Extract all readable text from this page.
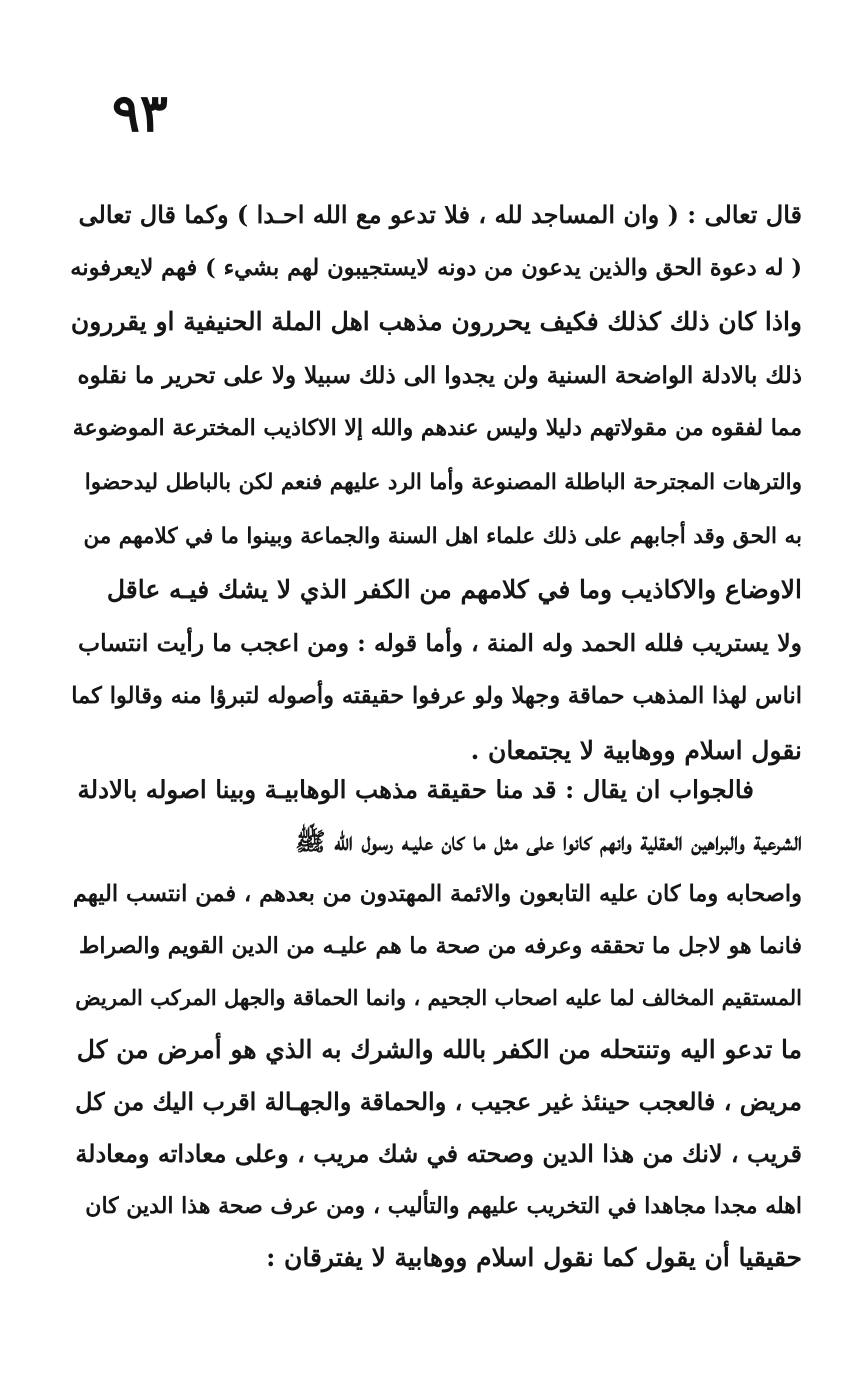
٩٣
قال تعالى : ( وان المساجد لله ، فلا تدعو مع الله احـدا ) وكما قال تعالى
( له دعوة الحق والذين يدعون من دونه لايستجيبون لهم بشيء ) فهم لايعرفونه
واذا كان ذلك كذلك فكيف يحررون مذهب اهل الملة الحنيفية او يقررون
ذلك بالادلة الواضحة السنية ولن يجدوا الى ذلك سبيلا ولا على تحرير ما نقلوه
مما لفقوه من مقولاتهم دليلا وليس عندهم والله إلا الاكاذيب المخترعة الموضوعة
والترهات المجترحة الباطلة المصنوعة وأما الرد عليهم فنعم لكن بالباطل ليدحضوا
به الحق وقد أجابهم على ذلك علماء اهل السنة والجماعة وبينوا ما في كلامهم من
الاوضاع والاكاذيب وما في كلامهم من الكفر الذي لا يشك فيـه عاقل
ولا يستريب فلله الحمد وله المنة ، وأما قوله : ومن اعجب ما رأيت انتساب
اناس لهذا المذهب حماقة وجهلا ولو عرفوا حقيقته وأصوله لتبرؤا منه وقالوا كما
نقول اسلام ووهابية لا يجتمعان .
فالجواب ان يقال : قد منا حقيقة مذهب الوهابيـة وبينا اصوله بالادلة
الشرعية والبراهين العقلية وانهم كانوا على مثل ما كان عليـه رسول الله ﷺ
واصحابه وما كان عليه التابعون والائمة المهتدون من بعدهم ، فمن انتسب اليهم
فانما هو لاجل ما تحققه وعرفه من صحة ما هم عليـه من الدين القويم والصراط
المستقيم المخالف لما عليه اصحاب الجحيم ، وانما الحماقة والجهل المركب المريض
ما تدعو اليه وتنتحله من الكفر بالله والشرك به الذي هو أمرض من كل
مريض ، فالعجب حينئذ غير عجيب ، والحماقة والجهـالة اقرب اليك من كل
قريب ، لانك من هذا الدين وصحته في شك مريب ، وعلى معاداته ومعادلة
اهله مجدا مجاهدا في التخريب عليهم والتأليب ، ومن عرف صحة هذا الدين كان
حقيقيا أن يقول كما نقول اسلام ووهابية لا يفترقان :
